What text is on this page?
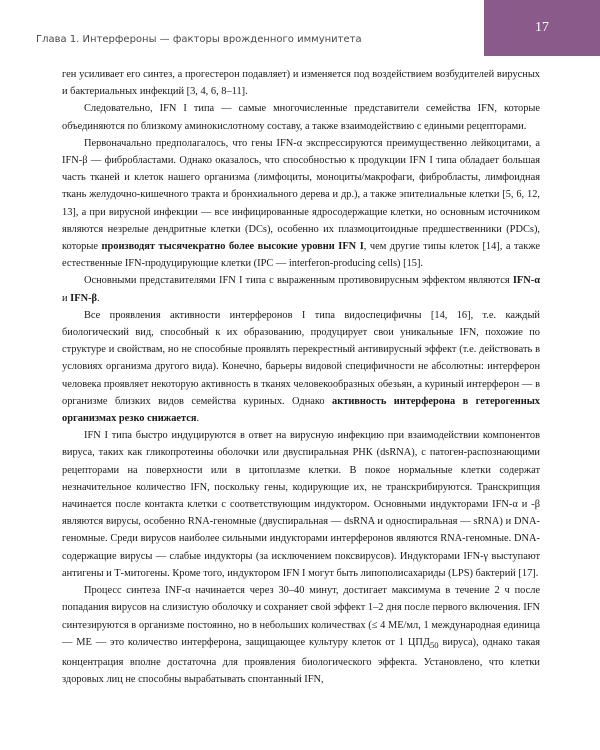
Глава 1. Интерфероны — факторы врожденного иммунитета
17

ген усиливает его синтез, а прогестерон подавляет) и изменяется под воздействием возбудителей вирусных и бактериальных инфекций [3, 4, 6, 8–11].

Следовательно, IFN I типа — самые многочисленные представители семейства IFN, которые объединяются по близкому аминокислотному составу, а также взаимодействию с едиными рецепторами.

Первоначально предполагалось, что гены IFN-α экспрессируются преимущественно лейкоцитами, а IFN-β — фибробластами. Однако оказалось, что способностью к продукции IFN I типа обладает большая часть тканей и клеток нашего организма (лимфоциты, моноциты/макрофаги, фибробласты, лимфоидная ткань желудочно-кишечного тракта и бронхиального дерева и др.), а также эпителиальные клетки [5, 6, 12, 13], а при вирусной инфекции — все инфицированные ядросодержащие клетки, но основным источником являются незрелые дендритные клетки (DCs), особенно их плазмоцитоидные предшественники (PDCs), которые производят тысячекратно более высокие уровни IFN I, чем другие типы клеток [14], а также естественные IFN-продуцирующие клетки (IPC — interferon-producing cells) [15].

Основными представителями IFN I типа с выраженным противовирусным эффектом являются IFN-α и IFN-β.

Все проявления активности интерферонов I типа видоспецифичны [14, 16], т.е. каждый биологический вид, способный к их образованию, продуцирует свои уникальные IFN, похожие по структуре и свойствам, но не способные проявлять перекрестный антивирусный эффект (т.е. действовать в условиях организма другого вида). Конечно, барьеры видовой специфичности не абсолютны: интерферон человека проявляет некоторую активность в тканях человекообразных обезьян, а куриный интерферон — в организме близких видов семейства куриных. Однако активность интерферона в гетерогенных организмах резко снижается.

IFN I типа быстро индуцируются в ответ на вирусную инфекцию при взаимодействии компонентов вируса, таких как гликопротеины оболочки или двуспиральная РНК (dsRNA), с патоген-распознающими рецепторами на поверхности или в цитоплазме клетки. В покое нормальные клетки содержат незначительное количество IFN, поскольку гены, кодирующие их, не транскрибируются. Транскрипция начинается после контакта клетки с соответствующим индуктором. Основными индукторами IFN-α и -β являются вирусы, особенно RNA-геномные (двуспиральная — dsRNA и односпиральная — sRNA) и DNA-геномные. Среди вирусов наиболее сильными индукторами интерферонов являются RNA-геномные. DNA-содержащие вирусы — слабые индукторы (за исключением поксвирусов). Индукторами IFN-γ выступают антигены и Т-митогены. Кроме того, индуктором IFN I могут быть липополисахариды (LPS) бактерий [17].

Процесс синтеза INF-α начинается через 30–40 минут, достигает максимума в течение 2 ч после попадания вирусов на слизистую оболочку и сохраняет свой эффект 1–2 дня после первого включения. IFN синтезируются в организме постоянно, но в небольших количествах (≤ 4 МЕ/мл, 1 международная единица — МЕ — это количество интерферона, защищающее культуру клеток от 1 $ЦПД_{50}$ вируса), однако такая концентрация вполне достаточна для проявления биологического эффекта. Установлено, что клетки здоровых лиц не способны вырабатывать спонтанный IFN,
